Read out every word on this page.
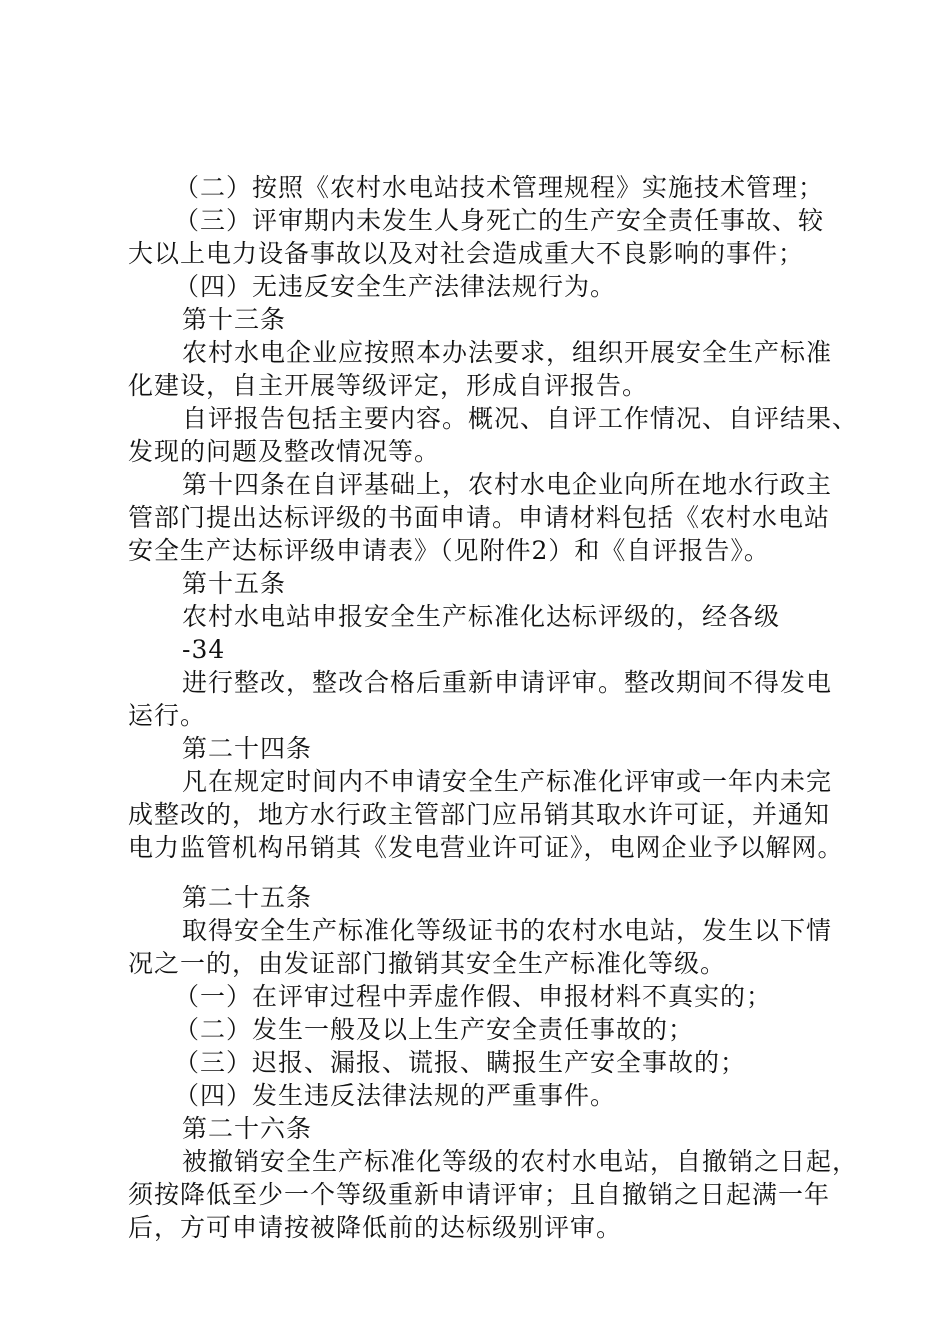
（二）按照《农村水电站技术管理规程》实施技术管理；
（三）评审期内未发生人身死亡的生产安全责任事故、较
大以上电力设备事故以及对社会造成重大不良影响的事件；
（四）无违反安全生产法律法规行为。
第十三条
农村水电企业应按照本办法要求，组织开展安全生产标准
化建设，自主开展等级评定，形成自评报告。
自评报告包括主要内容。概况、自评工作情况、自评结果、
发现的问题及整改情况等。
第十四条在自评基础上，农村水电企业向所在地水行政主
管部门提出达标评级的书面申请。申请材料包括《农村水电站
安全生产达标评级申请表》（见附件2）和《自评报告》。
第十五条
农村水电站申报安全生产标准化达标评级的，经各级
-34
进行整改，整改合格后重新申请评审。整改期间不得发电
运行。
第二十四条
凡在规定时间内不申请安全生产标准化评审或一年内未完
成整改的，地方水行政主管部门应吊销其取水许可证，并通知
电力监管机构吊销其《发电营业许可证》，电网企业予以解网。
第二十五条
取得安全生产标准化等级证书的农村水电站，发生以下情
况之一的，由发证部门撤销其安全生产标准化等级。
（一）在评审过程中弄虚作假、申报材料不真实的；
（二）发生一般及以上生产安全责任事故的；
（三）迟报、漏报、谎报、瞒报生产安全事故的；
（四）发生违反法律法规的严重事件。
第二十六条
被撤销安全生产标准化等级的农村水电站，自撤销之日起，
须按降低至少一个等级重新申请评审；且自撤销之日起满一年
后，方可申请按被降低前的达标级别评审。
